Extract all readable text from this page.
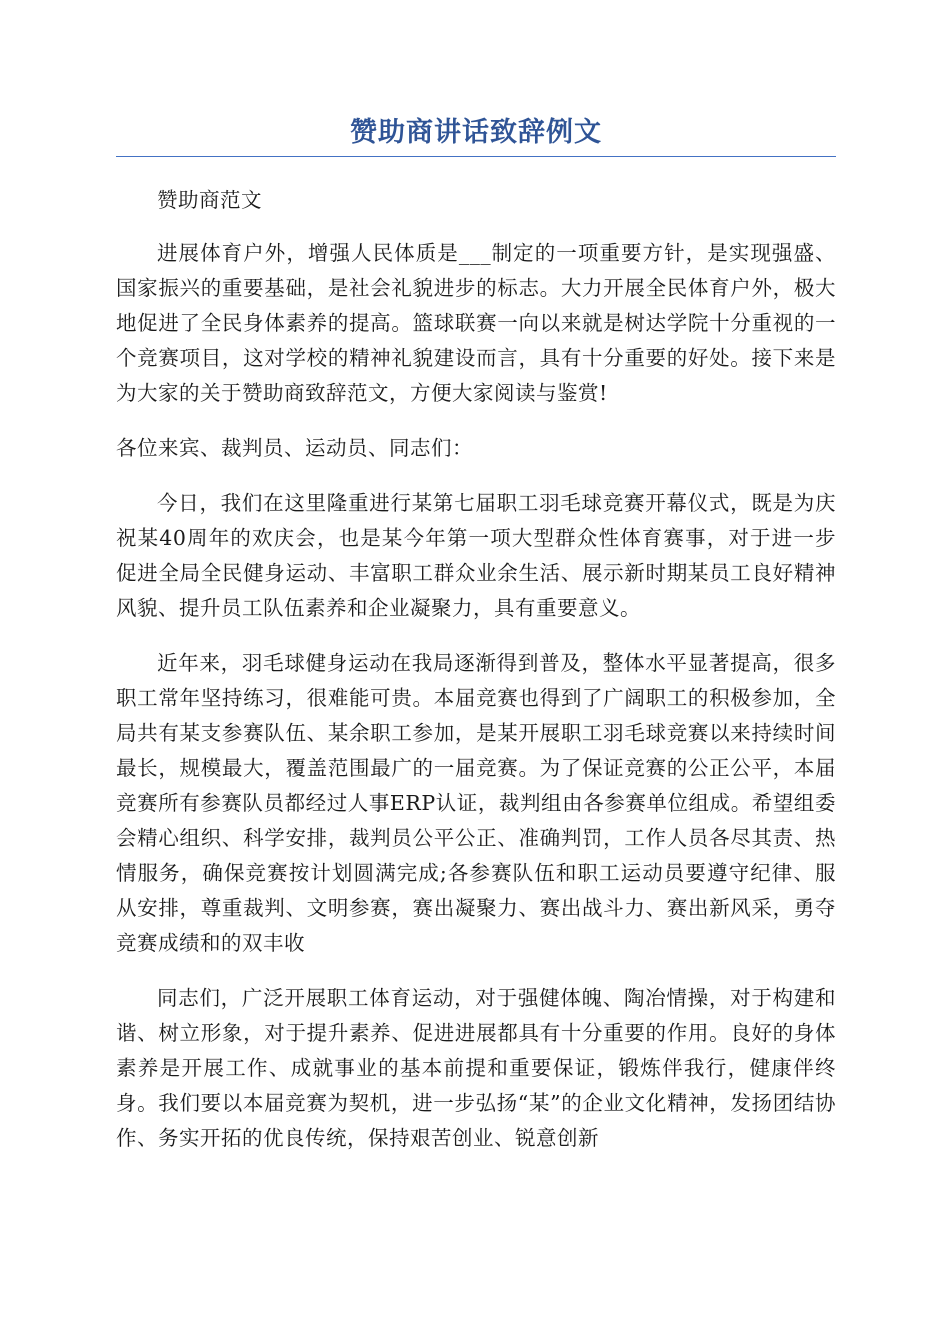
赞助商讲话致辞例文

赞助商范文

进展体育户外，增强人民体质是___制定的一项重要方针，是实现强盛、国家振兴的重要基础，是社会礼貌进步的标志。大力开展全民体育户外，极大地促进了全民身体素养的提高。篮球联赛一向以来就是树达学院十分重视的一个竞赛项目，这对学校的精神礼貌建设而言，具有十分重要的好处。接下来是为大家的关于赞助商致辞范文，方便大家阅读与鉴赏!

各位来宾、裁判员、运动员、同志们：

今日，我们在这里隆重进行某第七届职工羽毛球竞赛开幕仪式，既是为庆祝某40周年的欢庆会，也是某今年第一项大型群众性体育赛事，对于进一步促进全局全民健身运动、丰富职工群众业余生活、展示新时期某员工良好精神风貌、提升员工队伍素养和企业凝聚力，具有重要意义。

近年来，羽毛球健身运动在我局逐渐得到普及，整体水平显著提高，很多职工常年坚持练习，很难能可贵。本届竞赛也得到了广阔职工的积极参加，全局共有某支参赛队伍、某余职工参加，是某开展职工羽毛球竞赛以来持续时间最长，规模最大，覆盖范围最广的一届竞赛。为了保证竞赛的公正公平，本届竞赛所有参赛队员都经过人事ERP认证，裁判组由各参赛单位组成。希望组委会精心组织、科学安排，裁判员公平公正、准确判罚，工作人员各尽其责、热情服务，确保竞赛按计划圆满完成;各参赛队伍和职工运动员要遵守纪律、服从安排，尊重裁判、文明参赛，赛出凝聚力、赛出战斗力、赛出新风采，勇夺竞赛成绩和的双丰收

同志们，广泛开展职工体育运动，对于强健体魄、陶冶情操，对于构建和谐、树立形象，对于提升素养、促进进展都具有十分重要的作用。良好的身体素养是开展工作、成就事业的基本前提和重要保证，锻炼伴我行，健康伴终身。我们要以本届竞赛为契机，进一步弘扬“某”的企业文化精神，发扬团结协作、务实开拓的优良传统，保持艰苦创业、锐意创新
